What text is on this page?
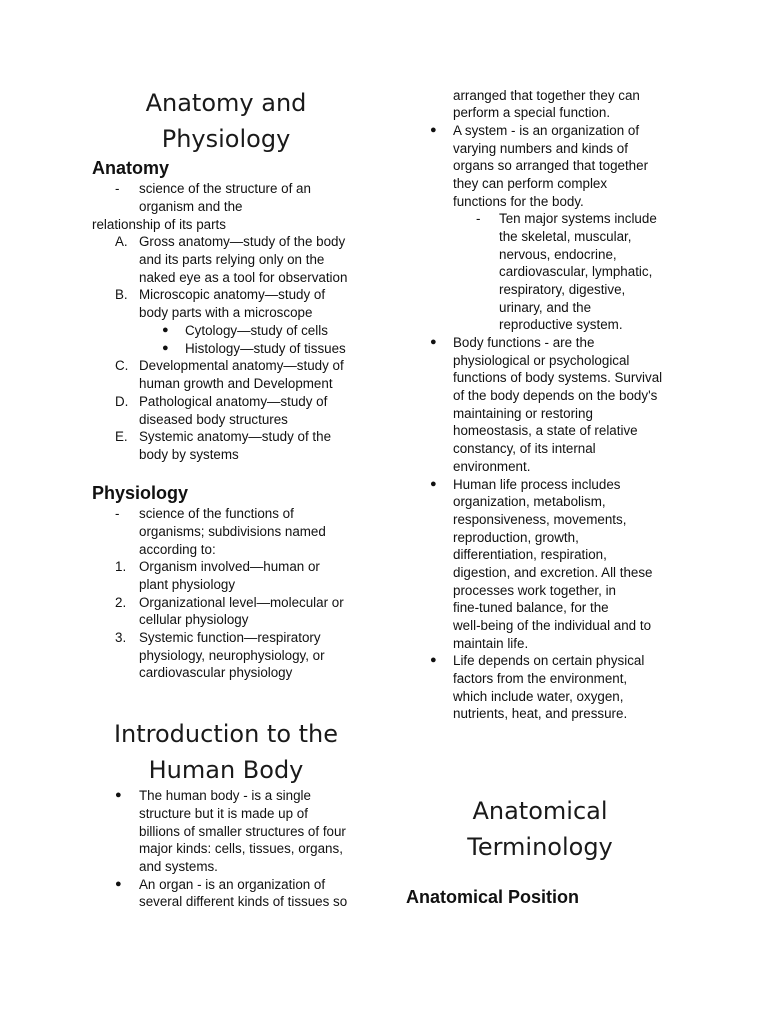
Anatomy and
Physiology
Anatomy
- science of the structure of an
organism and the
relationship of its parts
A. Gross anatomy—study of the body
and its parts relying only on the
naked eye as a tool for observation
B. Microscopic anatomy—study of
body parts with a microscope
● Cytology—study of cells
● Histology—study of tissues
C. Developmental anatomy—study of
human growth and Development
D. Pathological anatomy—study of
diseased body structures
E. Systemic anatomy—study of the
body by systems
Physiology
- science of the functions of
organisms; subdivisions named
according to:
1. Organism involved—human or
plant physiology
2. Organizational level—molecular or
cellular physiology
3. Systemic function—respiratory
physiology, neurophysiology, or
cardiovascular physiology
Introduction to the
Human Body
● The human body - is a single
structure but it is made up of
billions of smaller structures of four
major kinds: cells, tissues, organs,
and systems.
● An organ - is an organization of
several different kinds of tissues so
arranged that together they can
perform a special function.
● A system - is an organization of
varying numbers and kinds of
organs so arranged that together
they can perform complex
functions for the body.
- Ten major systems include
the skeletal, muscular,
nervous, endocrine,
cardiovascular, lymphatic,
respiratory, digestive,
urinary, and the
reproductive system.
● Body functions - are the
physiological or psychological
functions of body systems. Survival
of the body depends on the body's
maintaining or restoring
homeostasis, a state of relative
constancy, of its internal
environment.
● Human life process includes
organization, metabolism,
responsiveness, movements,
reproduction, growth,
differentiation, respiration,
digestion, and excretion. All these
processes work together, in
fine-tuned balance, for the
well-being of the individual and to
maintain life.
● Life depends on certain physical
factors from the environment,
which include water, oxygen,
nutrients, heat, and pressure.
Anatomical
Terminology
Anatomical Position
